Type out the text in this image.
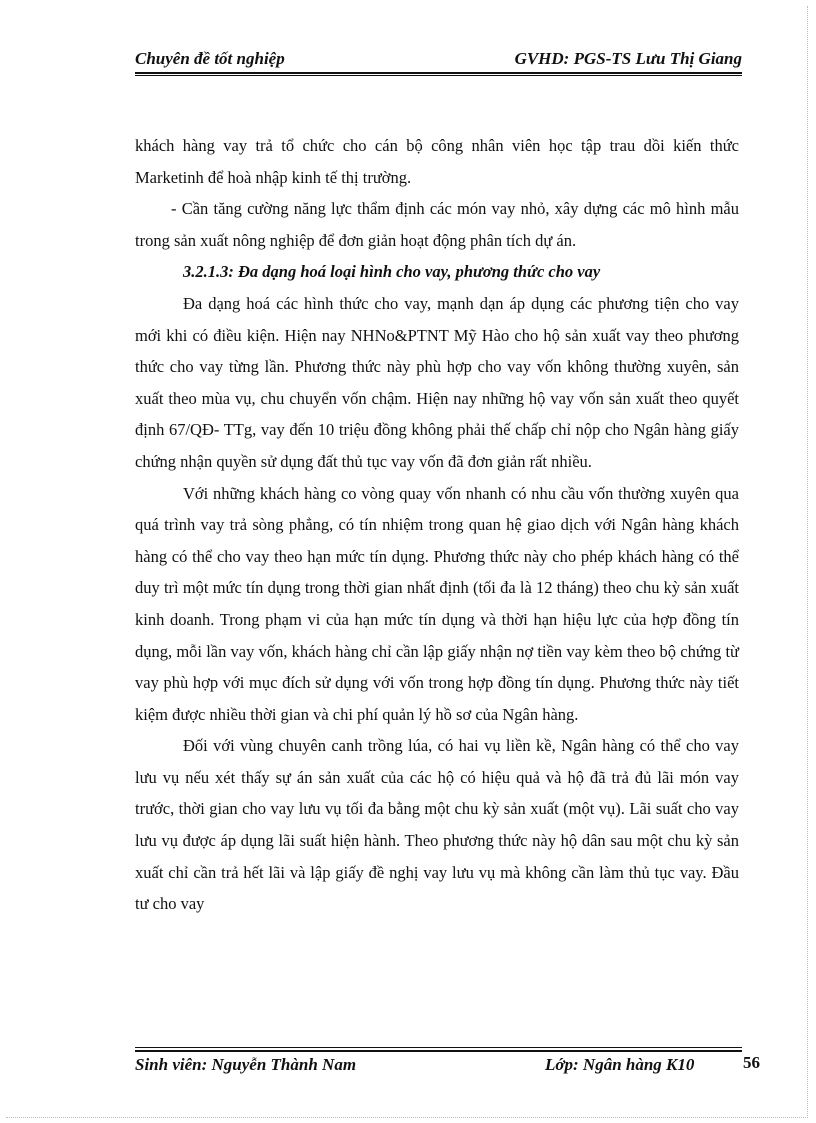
Chuyên đề tốt nghiệp	GVHD: PGS-TS Lưu Thị Giang

khách hàng vay trả tổ chức cho cán bộ công nhân viên học tập trau dồi kiến thức Marketinh để hoà nhập kinh tế thị trường.

- Cần tăng cường năng lực thẩm định các món vay nhỏ, xây dựng các mô hình mẫu trong sản xuất nông nghiệp để đơn giản hoạt động phân tích dự án.

3.2.1.3: Đa dạng hoá loại hình cho vay, phương thức cho vay

Đa dạng hoá các hình thức cho vay, mạnh dạn áp dụng các phương tiện cho vay mới khi có điều kiện. Hiện nay NHNo&PTNT Mỹ Hào cho hộ sản xuất vay theo phương thức cho vay từng lần. Phương thức này phù hợp cho vay vốn không thường xuyên, sản xuất theo mùa vụ, chu chuyển vốn chậm. Hiện nay những hộ vay vốn sản xuất theo quyết định 67/QĐ- TTg, vay đến 10 triệu đồng không phải thế chấp chỉ nộp cho Ngân hàng giấy chứng nhận quyền sử dụng đất thủ tục vay vốn đã đơn giản rất nhiều.

Với những khách hàng co vòng quay vốn nhanh có nhu cầu vốn thường xuyên qua quá trình vay trả sòng phẳng, có tín nhiệm trong quan hệ giao dịch với Ngân hàng khách hàng có thể cho vay theo hạn mức tín dụng. Phương thức này cho phép khách hàng có thể duy trì một mức tín dụng trong thời gian nhất định (tối đa là 12 tháng) theo chu kỳ sản xuất kinh doanh. Trong phạm vi của hạn mức tín dụng và thời hạn hiệu lực của hợp đồng tín dụng, mỗi lần vay vốn, khách hàng chỉ cần lập giấy nhận nợ tiền vay kèm theo bộ chứng từ vay phù hợp với mục đích sử dụng với vốn trong hợp đồng tín dụng. Phương thức này tiết kiệm được nhiều thời gian và chi phí quản lý hồ sơ của Ngân hàng.

Đối với vùng chuyên canh trồng lúa, có hai vụ liền kề, Ngân hàng có thể cho vay lưu vụ nếu xét thấy sự án sản xuất của các hộ có hiệu quả và hộ đã trả đủ lãi món vay trước, thời gian cho vay lưu vụ tối đa bằng một chu kỳ sản xuất (một vụ). Lãi suất cho vay lưu vụ được áp dụng lãi suất hiện hành. Theo phương thức này hộ dân sau một chu kỳ sản xuất chỉ cần trả hết lãi và lập giấy đề nghị vay lưu vụ mà không cần làm thủ tục vay. Đầu tư cho vay

Sinh viên: Nguyễn Thành Nam	Lớp: Ngân hàng K10	56
